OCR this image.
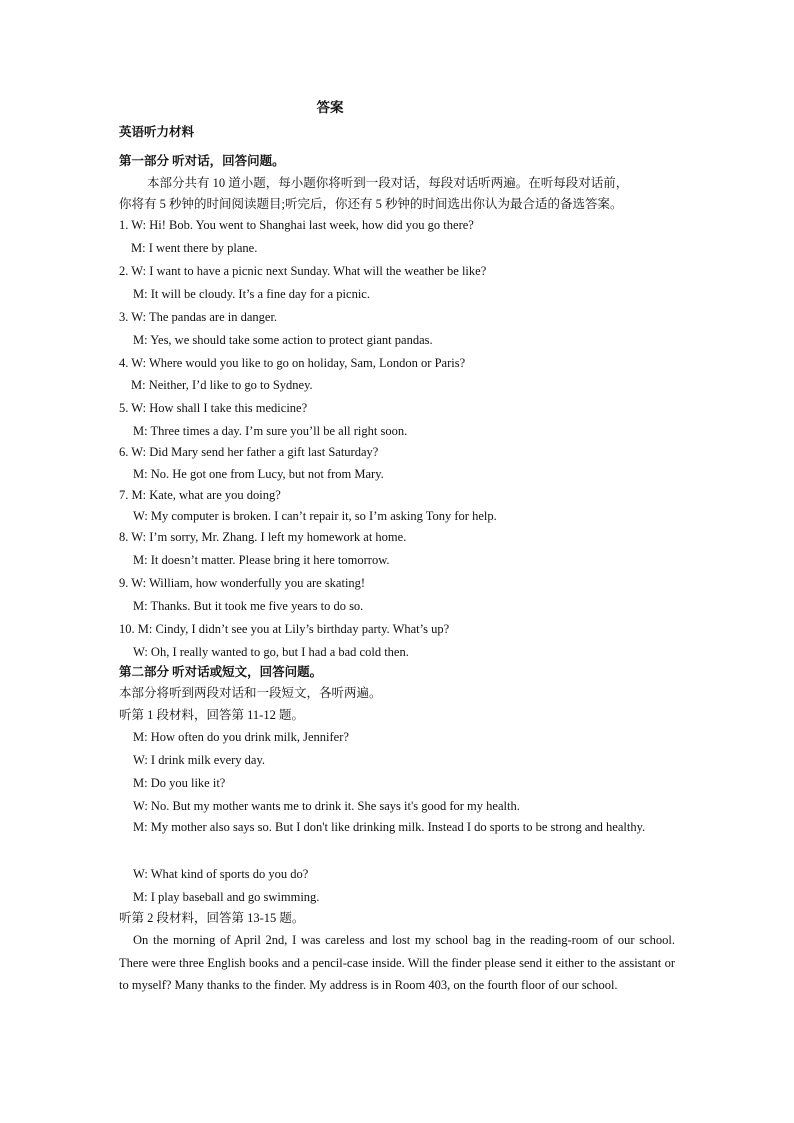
答案
英语听力材料
第一部分 听对话，回答问题。
本部分共有 10 道小题，每小题你将听到一段对话，每段对话听两遍。在听每段对话前，
你将有 5 秒钟的时间阅读题目;听完后，你还有 5 秒钟的时间选出你认为最合适的备选答案。
1. W: Hi! Bob. You went to Shanghai last week, how did you go there?
M: I went there by plane.
2. W: I want to have a picnic next Sunday. What will the weather be like?
M: It will be cloudy. It’s a fine day for a picnic.
3. W: The pandas are in danger.
M: Yes, we should take some action to protect giant pandas.
4. W: Where would you like to go on holiday, Sam, London or Paris?
M: Neither, I’d like to go to Sydney.
5. W: How shall I take this medicine?
M: Three times a day. I’m sure you’ll be all right soon.
6. W: Did Mary send her father a gift last Saturday?
M: No. He got one from Lucy, but not from Mary.
7. M: Kate, what are you doing?
W: My computer is broken. I can’t repair it, so I’m asking Tony for help.
8. W: I’m sorry, Mr. Zhang. I left my homework at home.
M: It doesn’t matter. Please bring it here tomorrow.
9. W: William, how wonderfully you are skating!
M: Thanks. But it took me five years to do so.
10. M: Cindy, I didn’t see you at Lily’s birthday party. What’s up?
W: Oh, I really wanted to go, but I had a bad cold then.
第二部分 听对话或短文，回答问题。
本部分将听到两段对话和一段短文，各听两遍。
听第 1 段材料，回答第 11-12 题。
M: How often do you drink milk, Jennifer?
W: I drink milk every day.
M: Do you like it?
W: No. But my mother wants me to drink it. She says it's good for my health.

M: My mother also says so. But I don't like drinking milk. Instead I do sports to be strong and healthy.

W: What kind of sports do you do?
M: I play baseball and go swimming.
听第 2 段材料，回答第 13-15 题。

On the morning of April 2nd, I was careless and lost my school bag in the reading-room of our school. There were three English books and a pencil-case inside. Will the finder please send it either to the assistant or to myself? Many thanks to the finder. My address is in Room 403, on the fourth floor of our school.
